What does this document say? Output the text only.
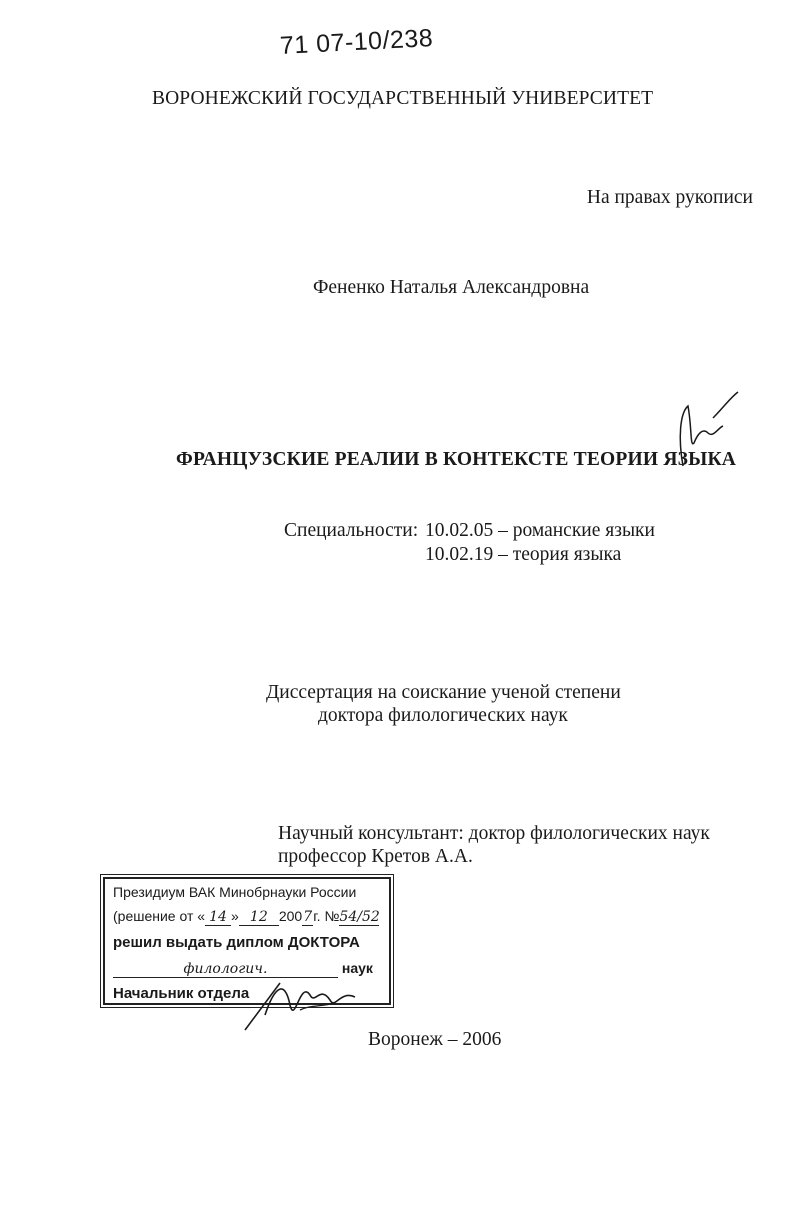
71 07-10/238
ВОРОНЕЖСКИЙ ГОСУДАРСТВЕННЫЙ УНИВЕРСИТЕТ
На правах рукописи
Фененко Наталья Александровна
ФРАНЦУЗСКИЕ РЕАЛИИ В КОНТЕКСТЕ ТЕОРИИ ЯЗЫКА
Специальности: 10.02.05 – романские языки
10.02.19 – теория языка
Диссертация на соискание ученой степени
доктора филологических наук
Научный консультант: доктор филологических наук
профессор Кретов А.А.
Президиум ВАК Минобрнауки России
(решение от « 14 » 12 2007г. №54/52
решил выдать диплом ДОКТОРА
филологич.	наук
Начальник отдела
Воронеж – 2006
